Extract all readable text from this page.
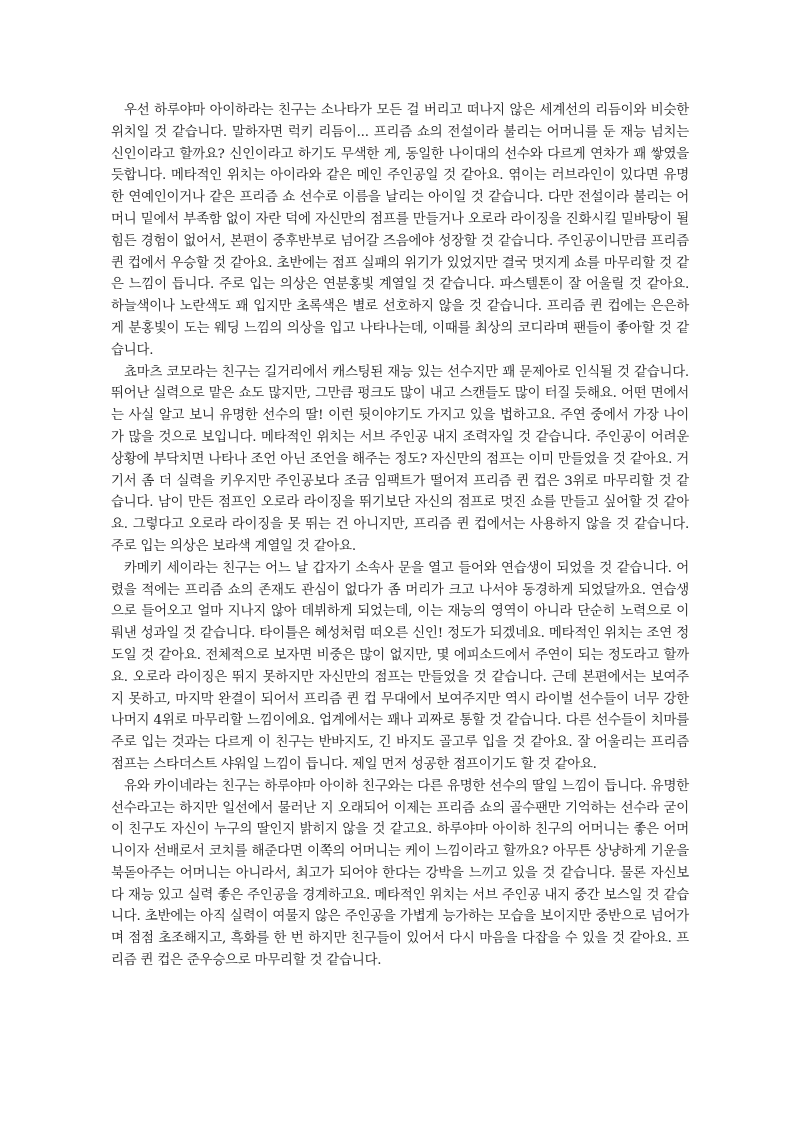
우선 하루야마 아이하라는 친구는 소나타가 모든 걸 버리고 떠나지 않은 세계선의 리듬이와 비슷한 위치일 것 같습니다. 말하자면 럭키 리듬이... 프리즘 쇼의 전설이라 불리는 어머니를 둔 재능 넘치는 신인이라고 할까요? 신인이라고 하기도 무색한 게, 동일한 나이대의 선수와 다르게 연차가 꽤 쌓였을 듯합니다. 메타적인 위치는 아이라와 같은 메인 주인공일 것 같아요. 엮이는 러브라인이 있다면 유명한 연예인이거나 같은 프리즘 쇼 선수로 이름을 날리는 아이일 것 같습니다. 다만 전설이라 불리는 어머니 밑에서 부족함 없이 자란 덕에 자신만의 점프를 만들거나 오로라 라이징을 진화시킬 밑바탕이 될 힘든 경험이 없어서, 본편이 중후반부로 넘어갈 즈음에야 성장할 것 같습니다. 주인공이니만큼 프리즘 퀸 컵에서 우승할 것 같아요. 초반에는 점프 실패의 위기가 있었지만 결국 멋지게 쇼를 마무리할 것 같은 느낌이 듭니다. 주로 입는 의상은 연분홍빛 계열일 것 같습니다. 파스텔톤이 잘 어울릴 것 같아요. 하늘색이나 노란색도 꽤 입지만 초록색은 별로 선호하지 않을 것 같습니다. 프리즘 퀸 컵에는 은은하게 분홍빛이 도는 웨딩 느낌의 의상을 입고 나타나는데, 이때를 최상의 코디라며 팬들이 좋아할 것 같습니다.

쵸마츠 코모라는 친구는 길거리에서 캐스팅된 재능 있는 선수지만 꽤 문제아로 인식될 것 같습니다. 뛰어난 실력으로 맡은 쇼도 많지만, 그만큼 펑크도 많이 내고 스캔들도 많이 터질 듯해요. 어떤 면에서는 사실 알고 보니 유명한 선수의 딸! 이런 뒷이야기도 가지고 있을 법하고요. 주연 중에서 가장 나이가 많을 것으로 보입니다. 메타적인 위치는 서브 주인공 내지 조력자일 것 같습니다. 주인공이 어려운 상황에 부닥치면 나타나 조언 아닌 조언을 해주는 정도? 자신만의 점프는 이미 만들었을 것 같아요. 거기서 좀 더 실력을 키우지만 주인공보다 조금 임팩트가 떨어져 프리즘 퀸 컵은 3위로 마무리할 것 같습니다. 남이 만든 점프인 오로라 라이징을 뛰기보단 자신의 점프로 멋진 쇼를 만들고 싶어할 것 같아요. 그렇다고 오로라 라이징을 못 뛰는 건 아니지만, 프리즘 퀸 컵에서는 사용하지 않을 것 같습니다. 주로 입는 의상은 보라색 계열일 것 같아요.

카메키 세이라는 친구는 어느 날 갑자기 소속사 문을 열고 들어와 연습생이 되었을 것 같습니다. 어렸을 적에는 프리즘 쇼의 존재도 관심이 없다가 좀 머리가 크고 나서야 동경하게 되었달까요. 연습생으로 들어오고 얼마 지나지 않아 데뷔하게 되었는데, 이는 재능의 영역이 아니라 단순히 노력으로 이뤄낸 성과일 것 같습니다. 타이틀은 혜성처럼 떠오른 신인! 정도가 되겠네요. 메타적인 위치는 조연 정도일 것 같아요. 전체적으로 보자면 비중은 많이 없지만, 몇 에피소드에서 주연이 되는 정도라고 할까요. 오로라 라이징은 뛰지 못하지만 자신만의 점프는 만들었을 것 같습니다. 근데 본편에서는 보여주지 못하고, 마지막 완결이 되어서 프리즘 퀸 컵 무대에서 보여주지만 역시 라이벌 선수들이 너무 강한 나머지 4위로 마무리할 느낌이에요. 업계에서는 꽤나 괴짜로 통할 것 같습니다. 다른 선수들이 치마를 주로 입는 것과는 다르게 이 친구는 반바지도, 긴 바지도 골고루 입을 것 같아요. 잘 어울리는 프리즘 점프는 스타더스트 샤워일 느낌이 듭니다. 제일 먼저 성공한 점프이기도 할 것 같아요.

유와 카이네라는 친구는 하루야마 아이하 친구와는 다른 유명한 선수의 딸일 느낌이 듭니다. 유명한 선수라고는 하지만 일선에서 물러난 지 오래되어 이제는 프리즘 쇼의 골수팬만 기억하는 선수라 굳이 이 친구도 자신이 누구의 딸인지 밝히지 않을 것 같고요. 하루야마 아이하 친구의 어머니는 좋은 어머니이자 선배로서 코치를 해준다면 이쪽의 어머니는 케이 느낌이라고 할까요? 아무튼 상냥하게 기운을 북돋아주는 어머니는 아니라서, 최고가 되어야 한다는 강박을 느끼고 있을 것 같습니다. 물론 자신보다 재능 있고 실력 좋은 주인공을 경계하고요. 메타적인 위치는 서브 주인공 내지 중간 보스일 것 같습니다. 초반에는 아직 실력이 여물지 않은 주인공을 가볍게 능가하는 모습을 보이지만 중반으로 넘어가며 점점 초조해지고, 흑화를 한 번 하지만 친구들이 있어서 다시 마음을 다잡을 수 있을 것 같아요. 프리즘 퀸 컵은 준우승으로 마무리할 것 같습니다.
